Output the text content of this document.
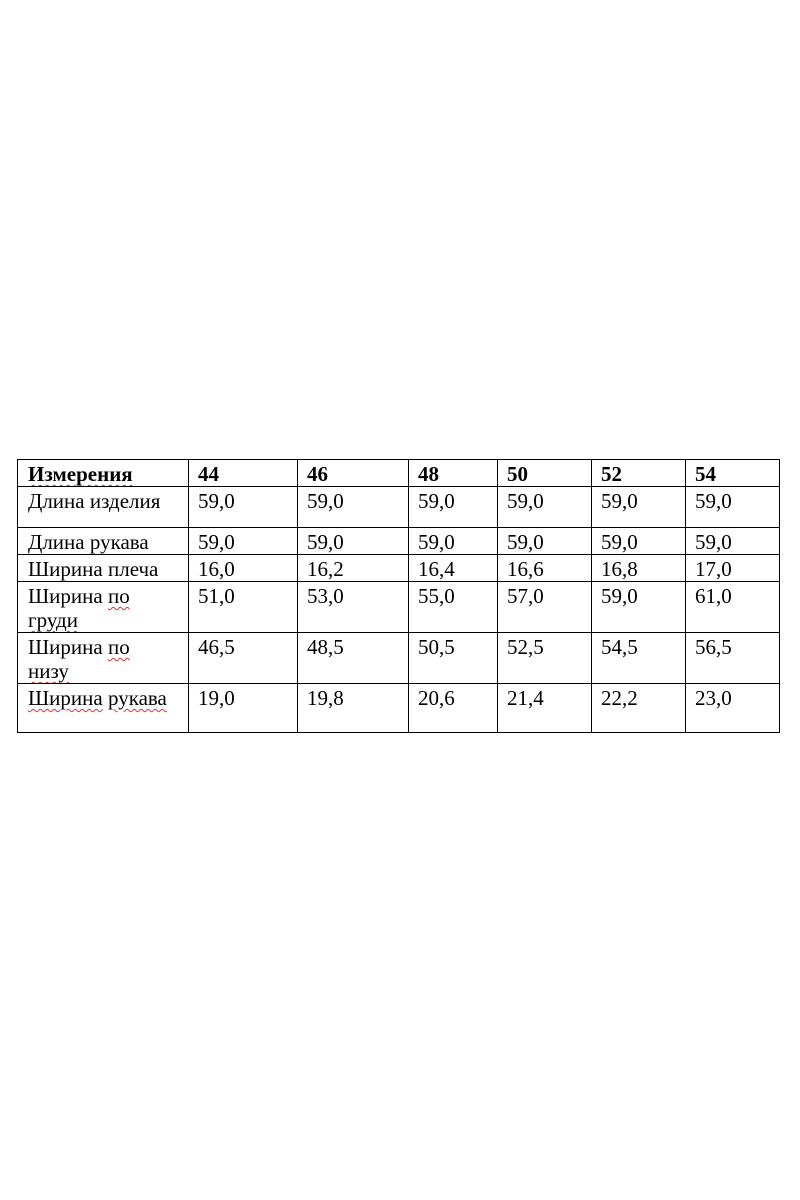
Измерения	44	46	48	50	52	54
Длина изделия	59,0	59,0	59,0	59,0	59,0	59,0
Длина рукава	59,0	59,0	59,0	59,0	59,0	59,0
Ширина плеча	16,0	16,2	16,4	16,6	16,8	17,0
Ширина по
груди	51,0	53,0	55,0	57,0	59,0	61,0
Ширина по
низу	46,5	48,5	50,5	52,5	54,5	56,5
Ширина рукава	19,0	19,8	20,6	21,4	22,2	23,0
